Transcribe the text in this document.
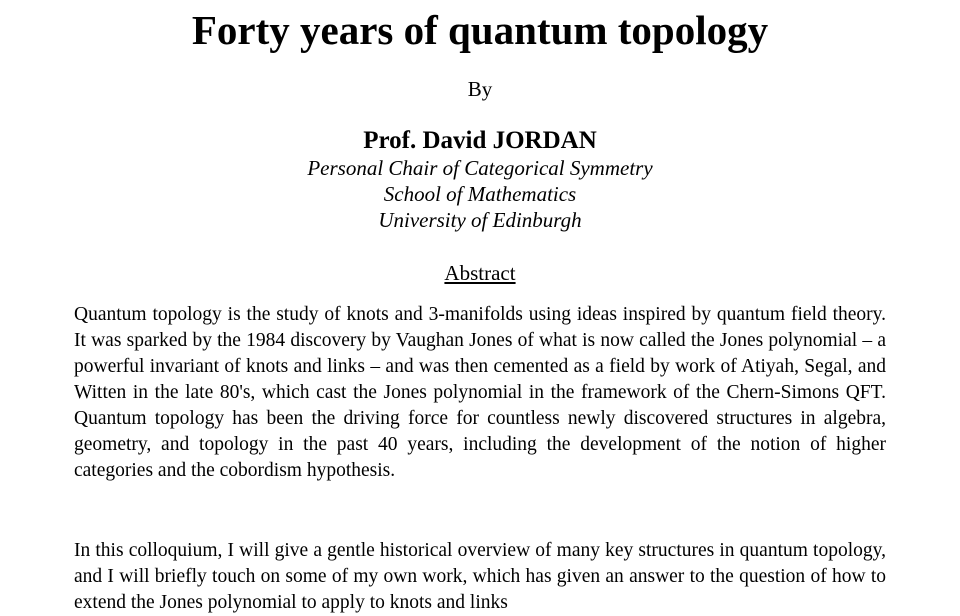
Forty years of quantum topology
By
Prof. David JORDAN
Personal Chair of Categorical Symmetry
School of Mathematics
University of Edinburgh
Abstract

Quantum topology is the study of knots and 3-manifolds using ideas inspired by quantum field theory. It was sparked by the 1984 discovery by Vaughan Jones of what is now called the Jones polynomial – a powerful invariant of knots and links – and was then cemented as a field by work of Atiyah, Segal, and Witten in the late 80's, which cast the Jones polynomial in the framework of the Chern-Simons QFT. Quantum topology has been the driving force for countless newly discovered structures in algebra, geometry, and topology in the past 40 years, including the development of the notion of higher categories and the cobordism hypothesis.

In this colloquium, I will give a gentle historical overview of many key structures in quantum topology, and I will briefly touch on some of my own work, which has given an answer to the question of how to extend the Jones polynomial to apply to knots and links
